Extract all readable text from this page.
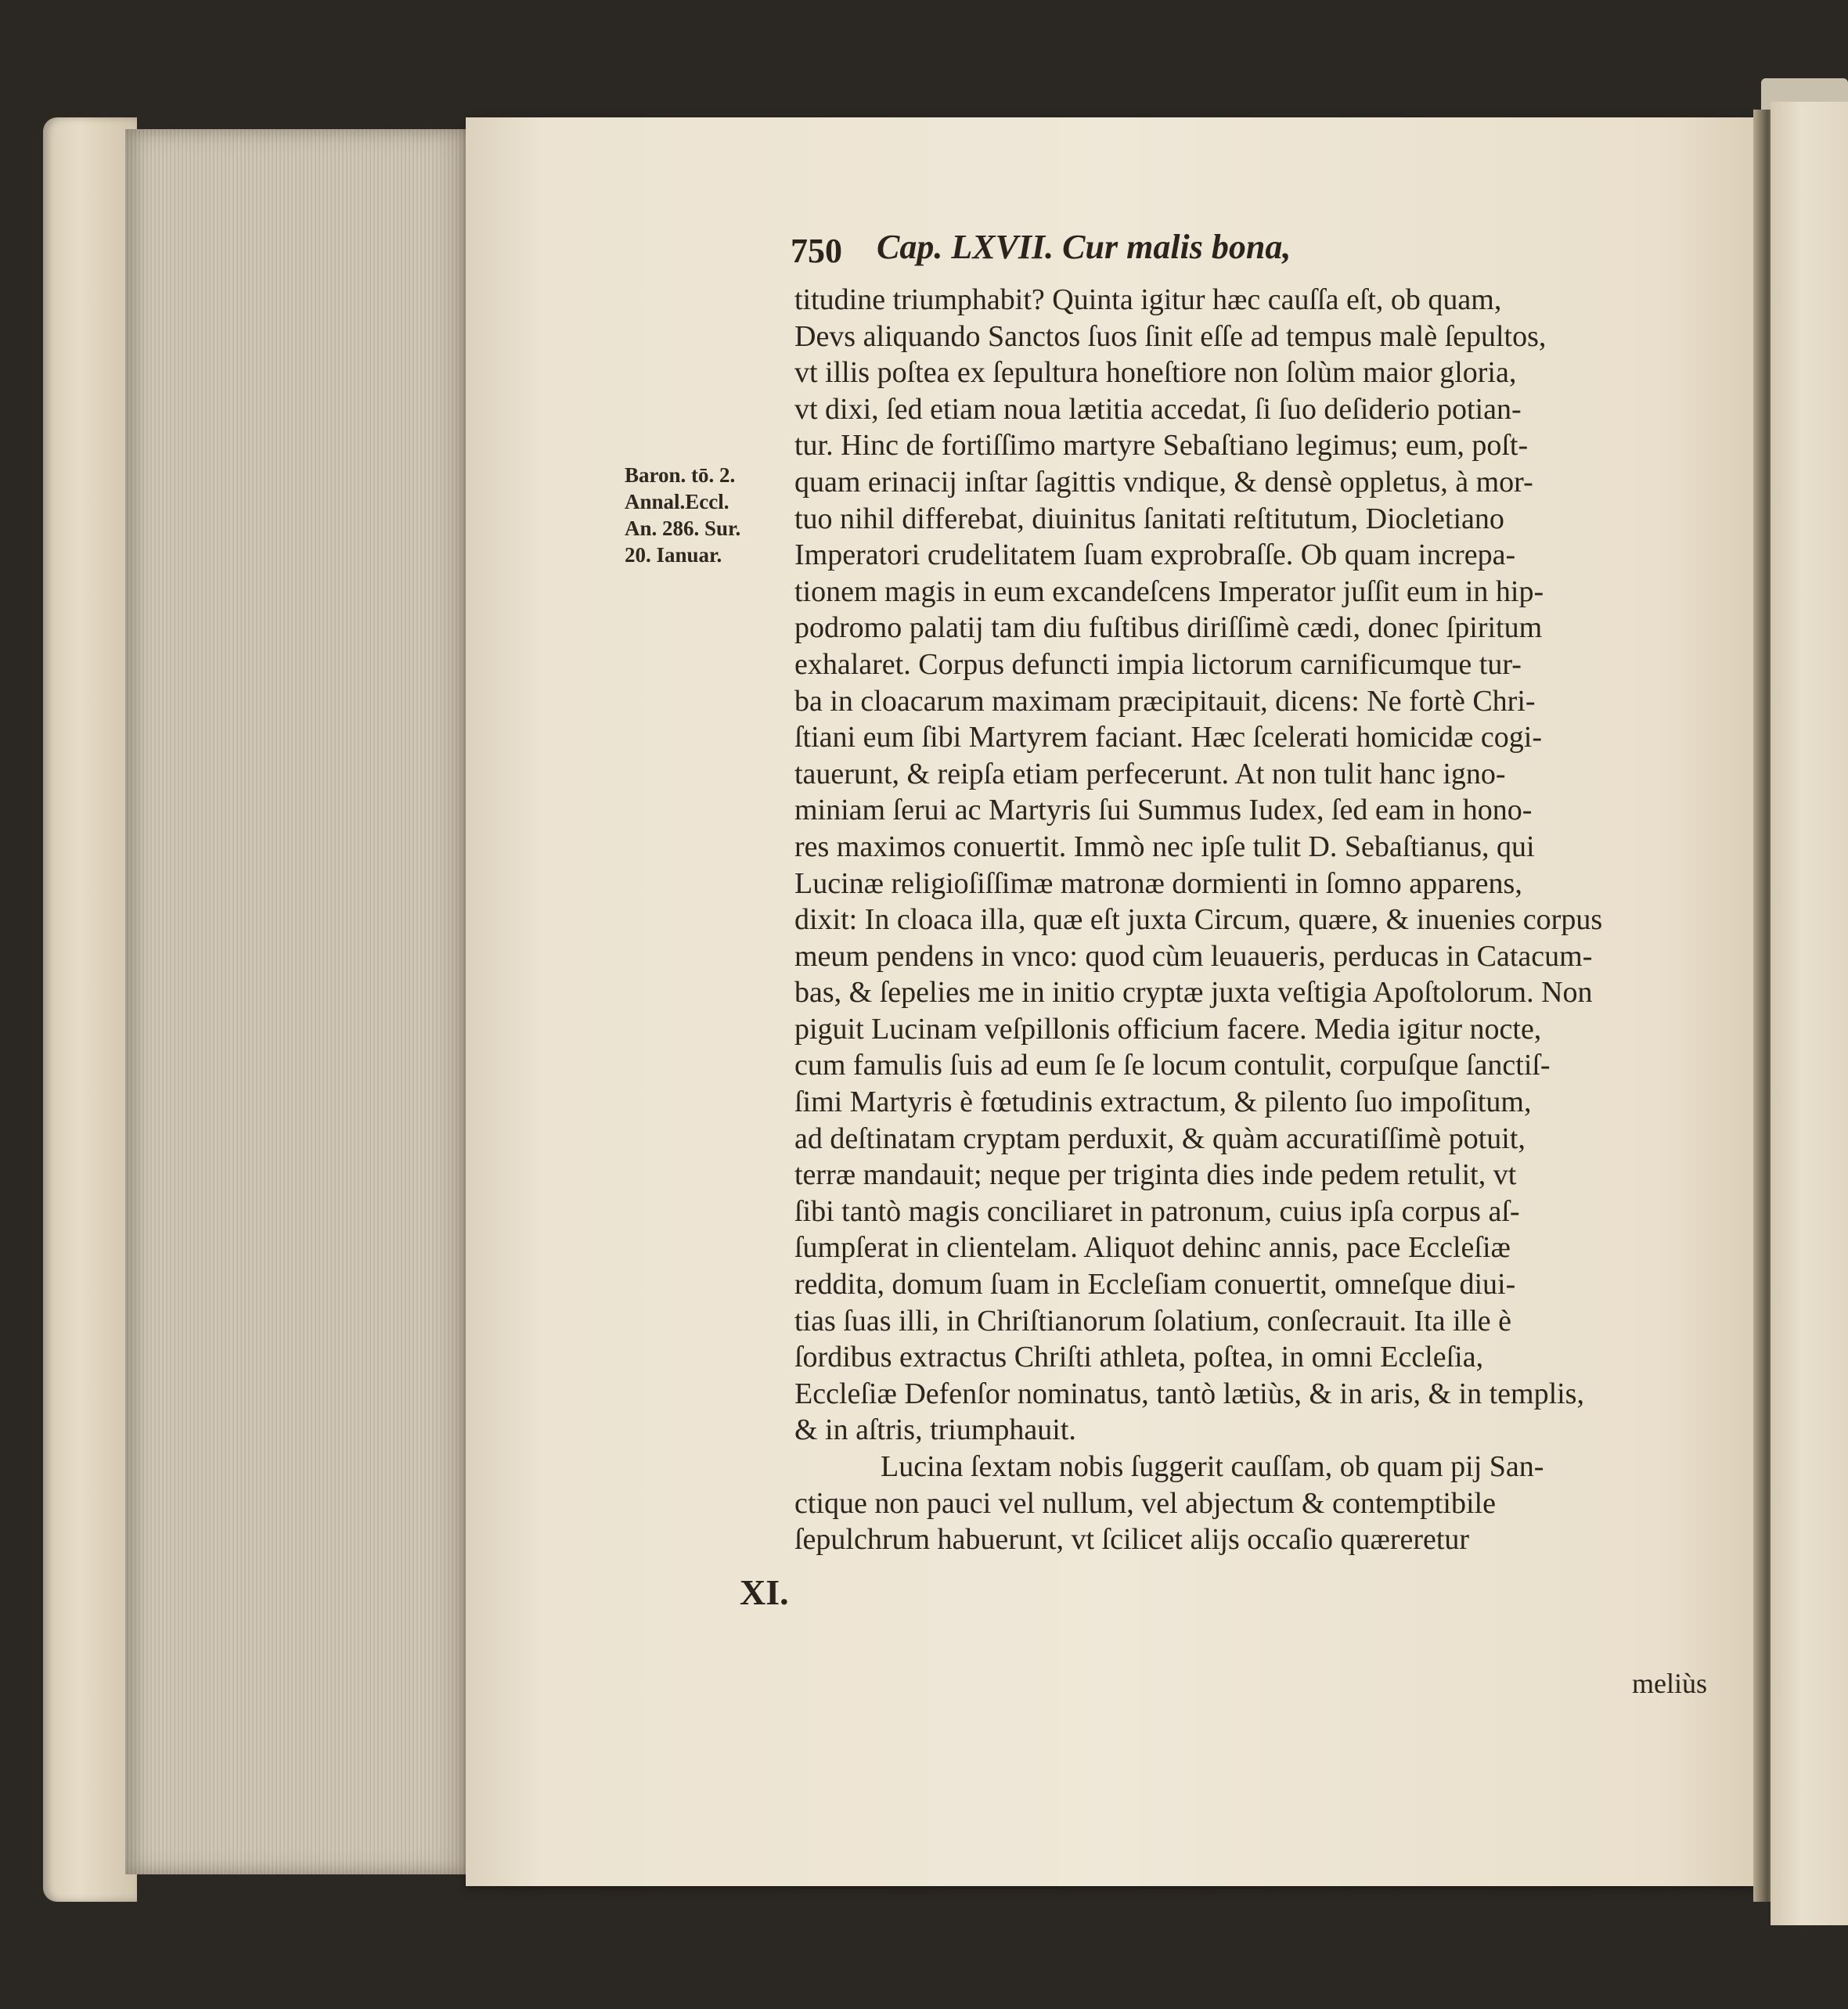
Cap. LXVII. Cur malis bona,
750
Baron. tō. 2.
Annal.Eccl.
An. 286. Sur.
20. Ianuar.
titudine triumphabit? Quinta igitur hæc cauſſa eſt, ob quam,
Devs aliquando Sanctos ſuos ſinit eſſe ad tempus malè ſepultos,
vt illis poſtea ex ſepultura honeſtiore non ſolùm maior gloria,
vt dixi, ſed etiam noua lætitia accedat, ſi ſuo deſiderio potian-
tur. Hinc de fortiſſimo martyre Sebaſtiano legimus; eum, poſt-
quam erinacij inſtar ſagittis vndique, & densè oppletus, à mor-
tuo nihil differebat, diuinitus ſanitati reſtitutum, Diocletiano
Imperatori crudelitatem ſuam exprobraſſe. Ob quam increpa-
tionem magis in eum excandeſcens Imperator juſſit eum in hip-
podromo palatij tam diu fuſtibus diriſſimè cædi, donec ſpiritum
exhalaret. Corpus defuncti impia lictorum carnificumque tur-
ba in cloacarum maximam præcipitauit, dicens: Ne fortè Chri-
ſtiani eum ſibi Martyrem faciant. Hæc ſcelerati homicidæ cogi-
tauerunt, & reipſa etiam perfecerunt. At non tulit hanc igno-
miniam ſerui ac Martyris ſui Summus Iudex, ſed eam in hono-
res maximos conuertit. Immò nec ipſe tulit D. Sebaſtianus, qui
Lucinæ religioſiſſimæ matronæ dormienti in ſomno apparens,
dixit: In cloaca illa, quæ eſt juxta Circum, quære, & inuenies corpus
meum pendens in vnco: quod cùm leuaueris, perducas in Catacum-
bas, & ſepelies me in initio cryptæ juxta veſtigia Apoſtolorum. Non
piguit Lucinam veſpillonis officium facere. Media igitur nocte,
cum famulis ſuis ad eum ſe ſe locum contulit, corpuſque ſanctiſ-
ſimi Martyris è fœtudinis extractum, & pilento ſuo impoſitum,
ad deſtinatam cryptam perduxit, & quàm accuratiſſimè potuit,
terræ mandauit; neque per triginta dies inde pedem retulit, vt
ſibi tantò magis conciliaret in patronum, cuius ipſa corpus aſ-
ſumpſerat in clientelam. Aliquot dehinc annis, pace Eccleſiæ
reddita, domum ſuam in Eccleſiam conuertit, omneſque diui-
tias ſuas illi, in Chriſtianorum ſolatium, conſecrauit. Ita ille è
ſordibus extractus Chriſti athleta, poſtea, in omni Eccleſia,
Eccleſiæ Defenſor nominatus, tantò lætiùs, & in aris, & in templis,
& in aſtris, triumphauit.
Lucina ſextam nobis ſuggerit cauſſam, ob quam pij San-
ctique non pauci vel nullum, vel abjectum & contemptibile
ſepulchrum habuerunt, vt ſcilicet alijs occaſio quæreretur
XI.
meliùs
